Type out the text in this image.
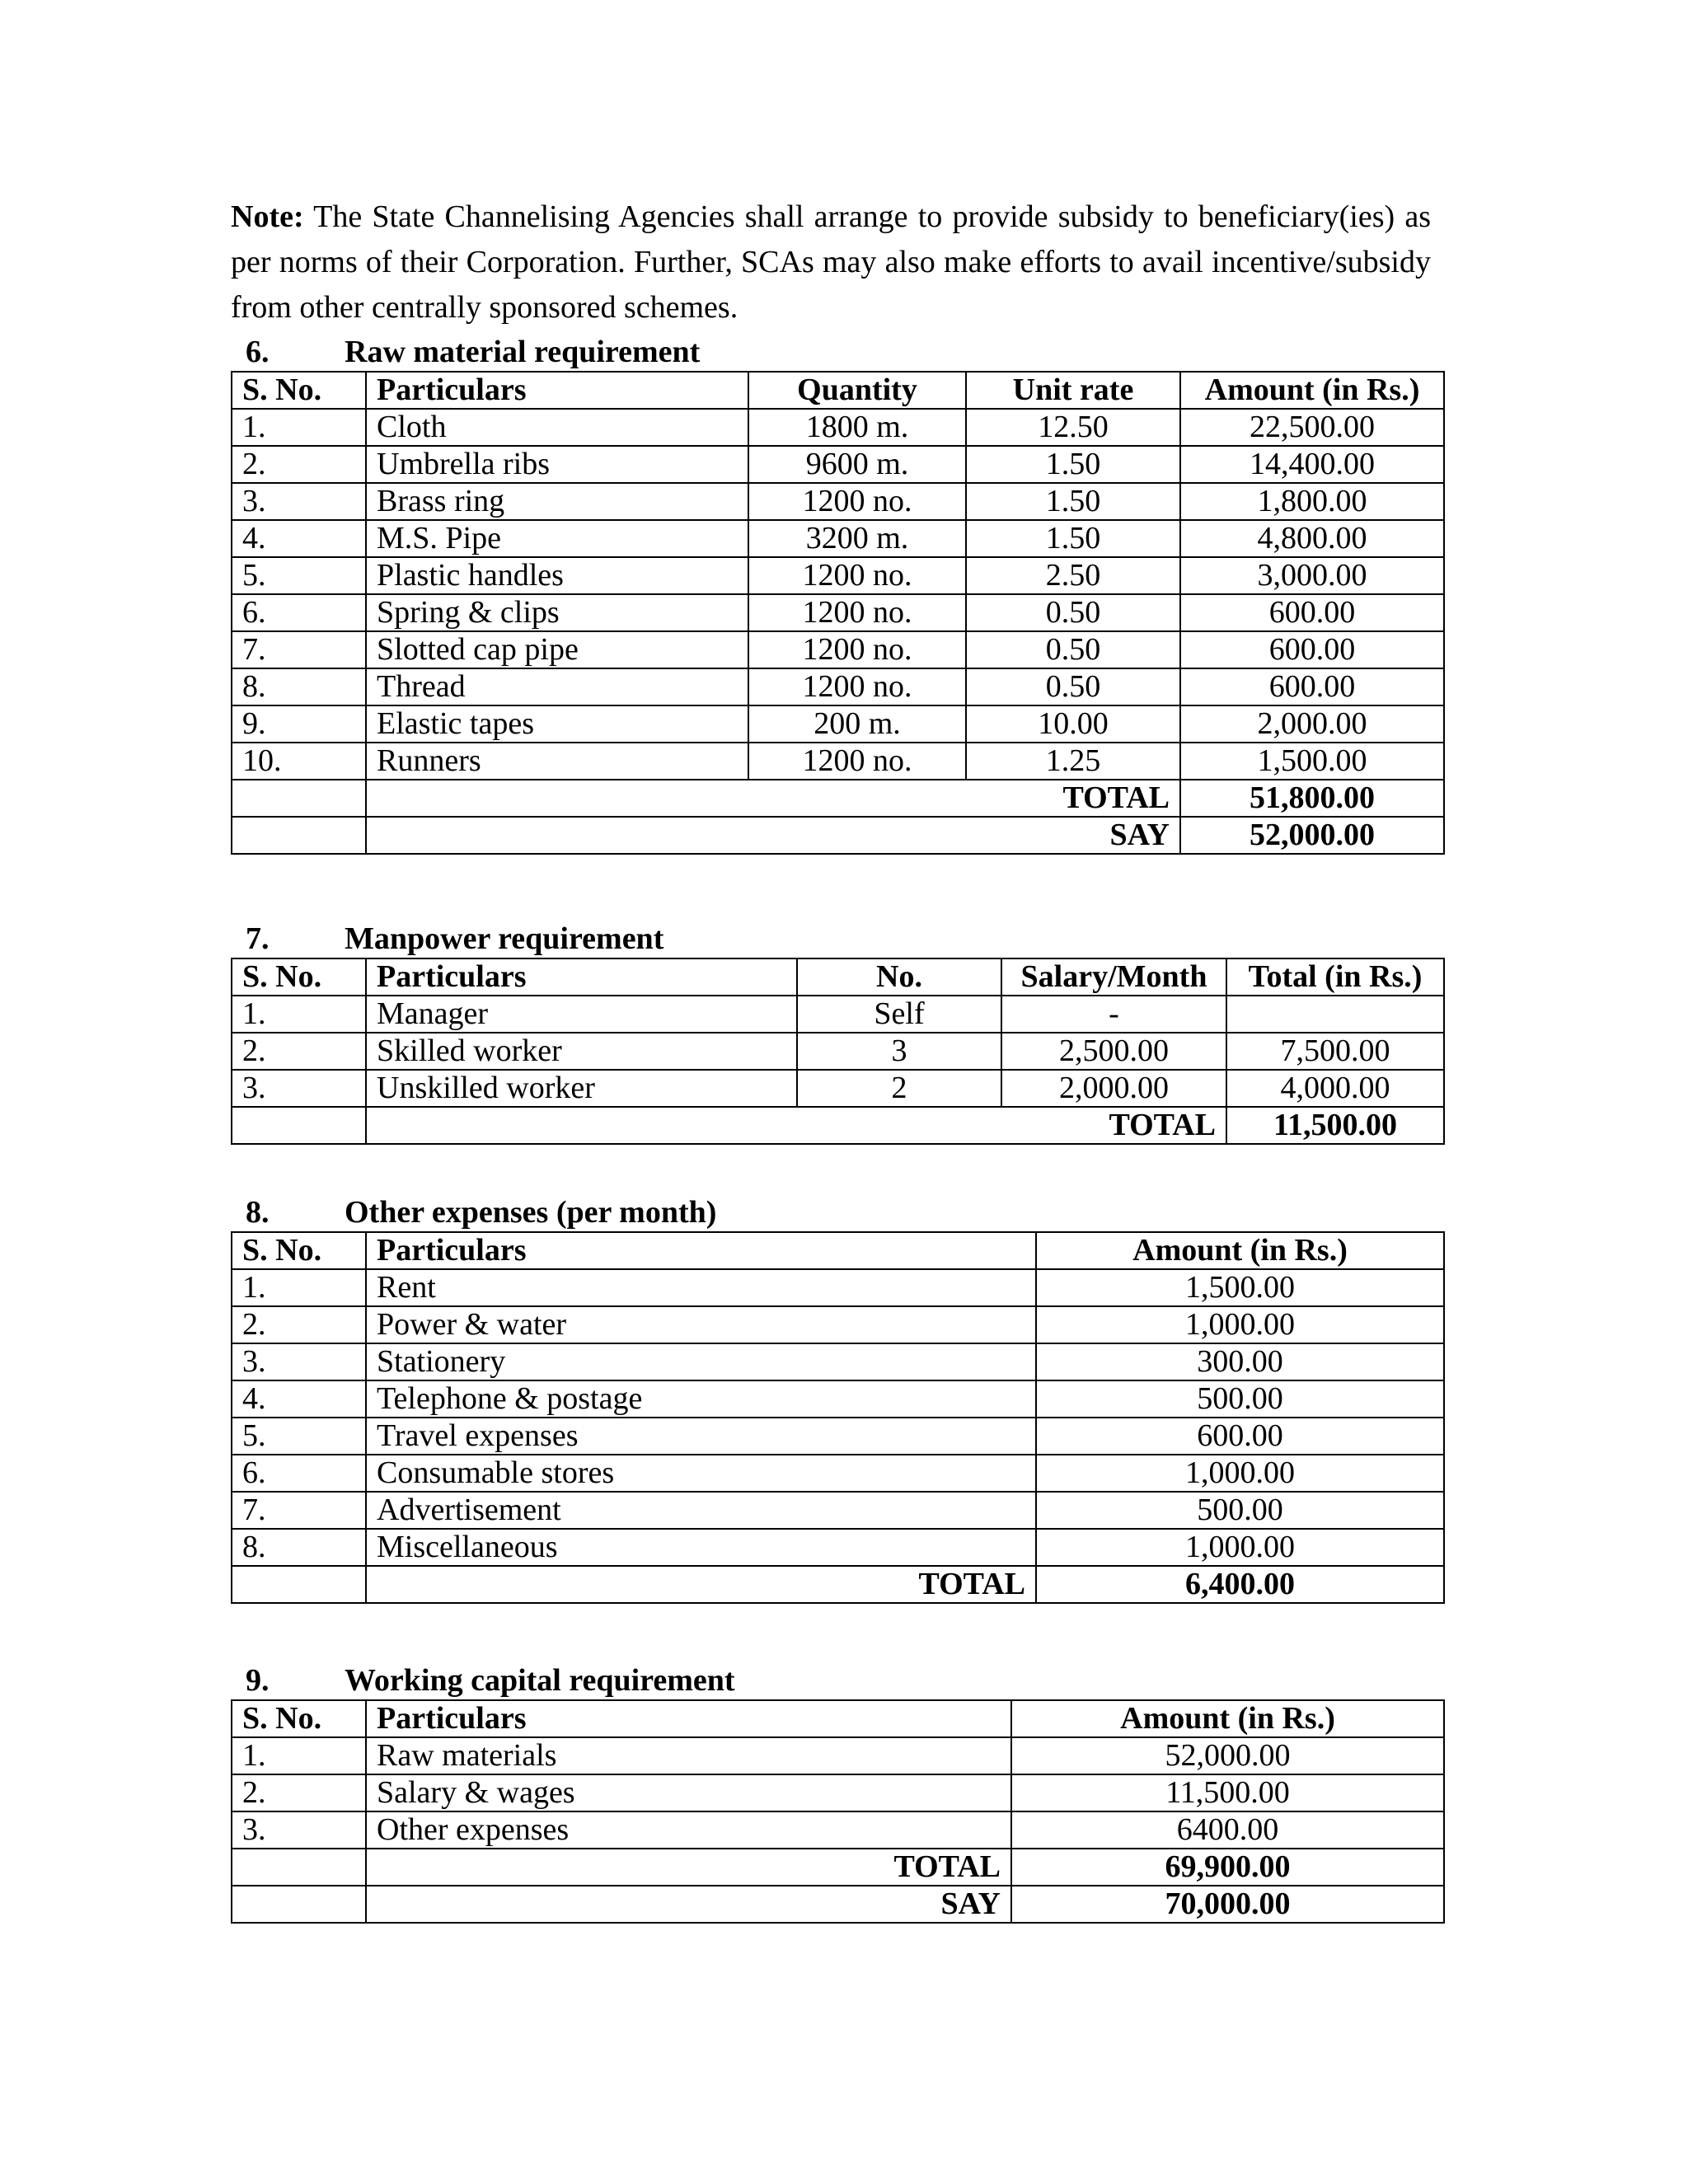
Note: The State Channelising Agencies shall arrange to provide subsidy to beneficiary(ies) as per norms of their Corporation. Further, SCAs may also make efforts to avail incentive/subsidy from other centrally sponsored schemes.
6. Raw material requirement
S. No.	Particulars	Quantity	Unit rate	Amount (in Rs.)
1.	Cloth	1800 m.	12.50	22,500.00
2.	Umbrella ribs	9600 m.	1.50	14,400.00
3.	Brass ring	1200 no.	1.50	1,800.00
4.	M.S. Pipe	3200 m.	1.50	4,800.00
5.	Plastic handles	1200 no.	2.50	3,000.00
6.	Spring & clips	1200 no.	0.50	600.00
7.	Slotted cap pipe	1200 no.	0.50	600.00
8.	Thread	1200 no.	0.50	600.00
9.	Elastic tapes	200 m.	10.00	2,000.00
10.	Runners	1200 no.	1.25	1,500.00
	TOTAL			51,800.00
	SAY			52,000.00
7. Manpower requirement
S. No.	Particulars	No.	Salary/Month	Total (in Rs.)
1.	Manager	Self	-	
2.	Skilled worker	3	2,500.00	7,500.00
3.	Unskilled worker	2	2,000.00	4,000.00
	TOTAL			11,500.00
8. Other expenses (per month)
S. No.	Particulars	Amount (in Rs.)
1.	Rent	1,500.00
2.	Power & water	1,000.00
3.	Stationery	300.00
4.	Telephone & postage	500.00
5.	Travel expenses	600.00
6.	Consumable stores	1,000.00
7.	Advertisement	500.00
8.	Miscellaneous	1,000.00
	TOTAL	6,400.00
9. Working capital requirement
S. No.	Particulars	Amount (in Rs.)
1.	Raw materials	52,000.00
2.	Salary & wages	11,500.00
3.	Other expenses	6400.00
	TOTAL	69,900.00
	SAY	70,000.00
